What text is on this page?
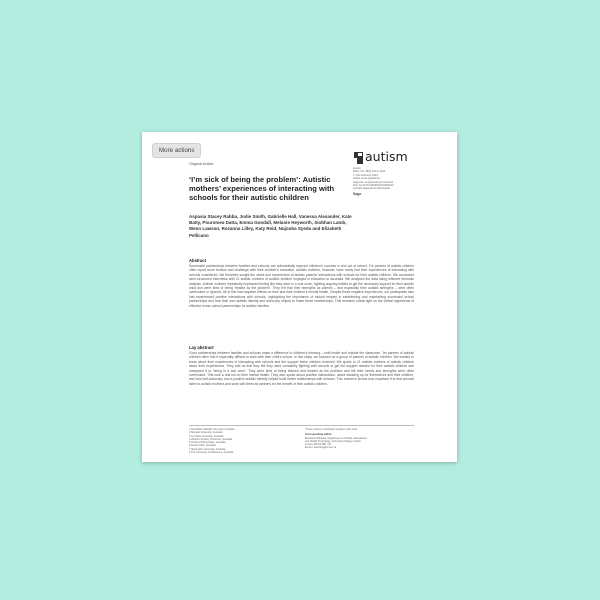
More actions
Original Article	autism
Autism
2024, Vol. 28(6) 1414–1429
© The Author(s) 2024
Article reuse guidelines:
sagepub.com/journals-permissions
DOI: 10.1177/13623613231203222
journals.sagepub.com/home/aut
Sage
‘I’m sick of being the problem’: Autistic mothers’ experiences of interacting with schools for their autistic children
Aspasia Stacey Rabba, Jodie Smith, Gabrielle Hall, Vanessa Alexander, Kate Batty, Pouromea Datta, Emma Goodall, Melanie Heyworth, Siobhan Lamb, Wenn Lawson, Rozanna Lilley, Katy Reid, Nujooba Syeda and Elizabeth Pellicano
Abstract
Successful partnerships between families and schools can substantially improve children’s success in and out of school. For parents of autistic children often report more tension and challenge with their children’s education. Autistic mothers, however, have rarely had their experiences of interacting with schools considered. We therefore sought the views and experiences of autistic parents’ interactions with schools for their autistic children. We conducted semi-structured interviews with 21 autistic mothers of autistic children engaged in education in Australia. We analysed the data using reflexive thematic analysis. Autistic mothers repeatedly expressed feeling like they were in a ‘war zone’, fighting ongoing battles to get the necessary support for their autistic child and were tired of being ‘treated as the problem’. They felt that their strengths as parents – and especially their autistic strengths – were often overlooked or ignored. All of this had negative effects on their and their children’s mental health. Despite these negative experiences, our participants also had experienced positive interactions with schools, highlighting the importance of mutual respect in establishing and maintaining successful school partnerships and how their own autistic identity and advocacy helped to foster these relationships. This research sheds light on the critical ingredients of effective home–school partnerships for autistic families.
Lay abstract
Good partnerships between families and schools make a difference to children’s learning – both inside and outside the classroom. Yet parents of autistic children often find it especially difficult to work with their child’s school. In this study, we focused on a group of parents of autistic children. We wanted to know about their experiences of interacting with schools and the support these children received. We spoke to 21 autistic mothers of autistic children about their experiences. They told us that they felt they were constantly fighting with schools to get the support needed for their autistic children and compared it to ‘being in a war zone’. They were tired of being blamed and treated as the problem and felt their needs and strengths were often overlooked. This took a real toll on their mental health. They also spoke about positive interactions, about standing up for themselves and their children, and how self-advocacy and a positive autistic identity helped build better relationships with schools. This research shows how important it is that schools listen to autistic mothers and work with them as partners for the benefit of their autistic children.
1 Australian Catholic University, Australia
2 Monash University, Australia
3 La Trobe University, Australia
4 Western Sydney University, Australia
5 Positive Partnerships, Australia
6 Autism CRC, Australia
7 Macquarie University, Australia
8 The University of Melbourne, Australia
*These authors contributed equally to this work.
Corresponding author:
Elizabeth Pellicano, Department of Clinical, Educational
and Health Psychology, University College London,
London WC1E 6BT, UK.
Email: l.pellicano@ucl.ac.uk
